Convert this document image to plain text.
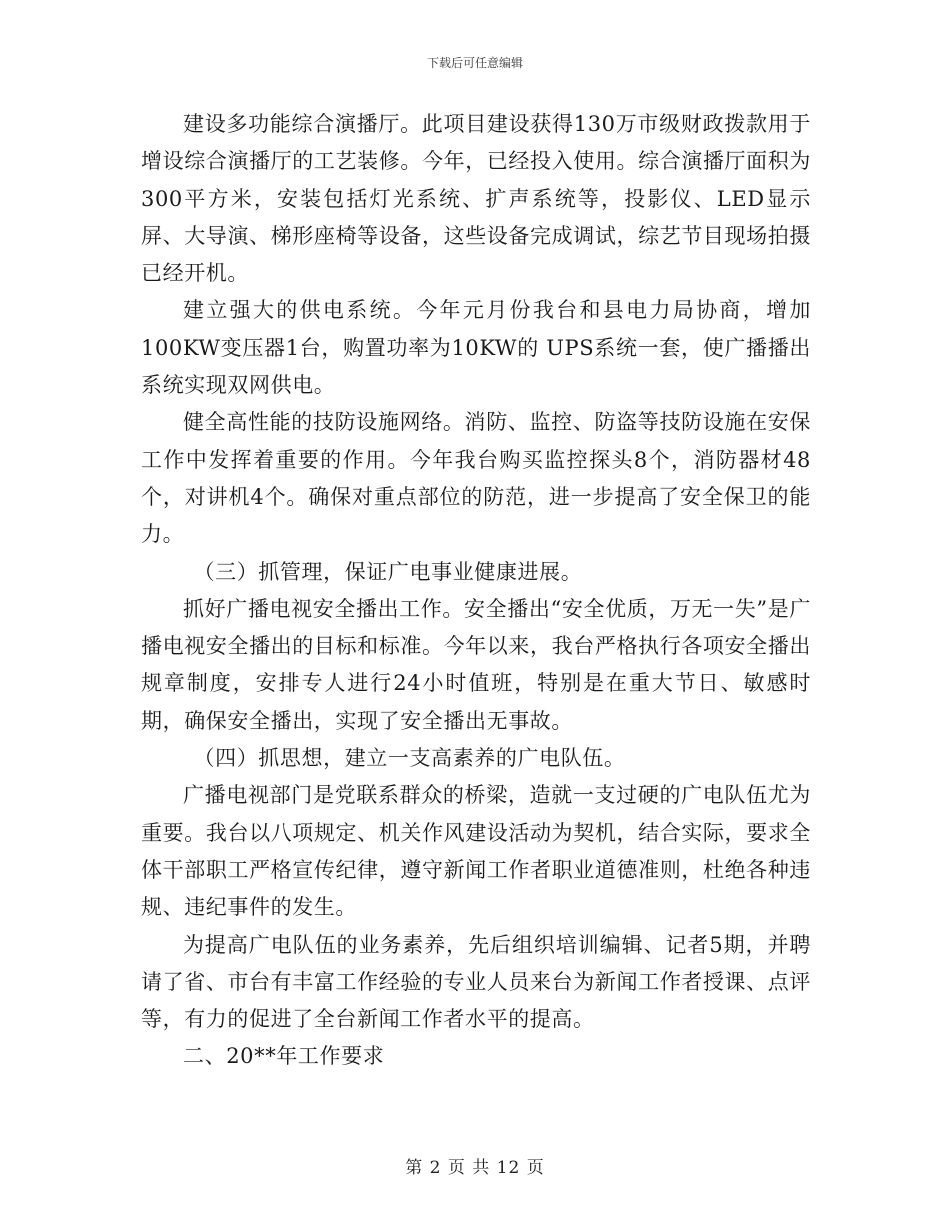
下载后可任意编辑

建设多功能综合演播厅。此项目建设获得130万市级财政拨款用于增设综合演播厅的工艺装修。今年，已经投入使用。综合演播厅面积为300平方米，安装包括灯光系统、扩声系统等，投影仪、LED显示屏、大导演、梯形座椅等设备，这些设备完成调试，综艺节目现场拍摄已经开机。

建立强大的供电系统。今年元月份我台和县电力局协商，增加100KW变压器1台，购置功率为10KW的 UPS系统一套，使广播播出系统实现双网供电。

健全高性能的技防设施网络。消防、监控、防盗等技防设施在安保工作中发挥着重要的作用。今年我台购买监控探头8个，消防器材48个，对讲机4个。确保对重点部位的防范，进一步提高了安全保卫的能力。

（三）抓管理，保证广电事业健康进展。

抓好广播电视安全播出工作。安全播出“安全优质，万无一失”是广播电视安全播出的目标和标准。今年以来，我台严格执行各项安全播出规章制度，安排专人进行24小时值班，特别是在重大节日、敏感时期，确保安全播出，实现了安全播出无事故。

（四）抓思想，建立一支高素养的广电队伍。

广播电视部门是党联系群众的桥梁，造就一支过硬的广电队伍尤为重要。我台以八项规定、机关作风建设活动为契机，结合实际，要求全体干部职工严格宣传纪律，遵守新闻工作者职业道德准则，杜绝各种违规、违纪事件的发生。

为提高广电队伍的业务素养，先后组织培训编辑、记者5期，并聘请了省、市台有丰富工作经验的专业人员来台为新闻工作者授课、点评等，有力的促进了全台新闻工作者水平的提高。

二、20**年工作要求

第 2 页 共 12 页
